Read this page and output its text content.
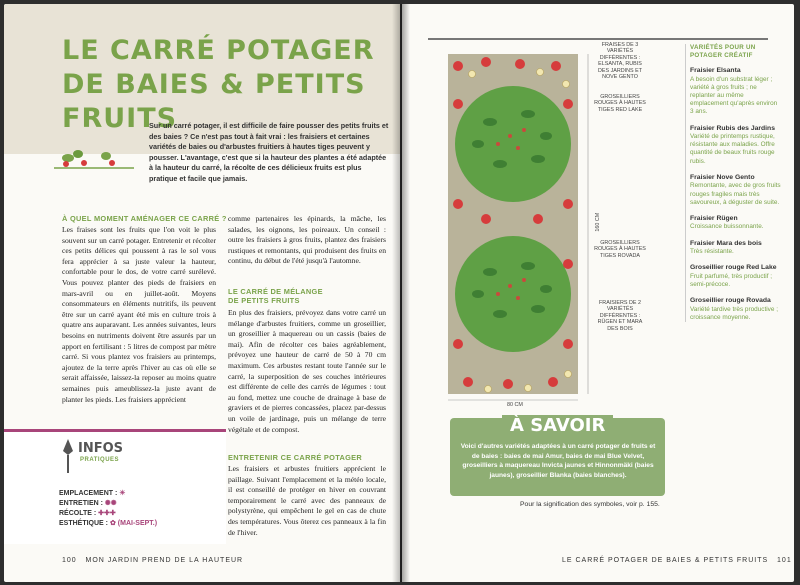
LE CARRÉ POTAGER
DE BAIES & PETITS FRUITS
Sur un carré potager, il est difficile de faire pousser des petits fruits et des baies ? Ce n'est pas tout à fait vrai : les fraisiers et certaines variétés de baies ou d'arbustes fruitiers à hautes tiges peuvent y pousser. L'avantage, c'est que si la hauteur des plantes a été adaptée à la hauteur du carré, la récolte de ces délicieux fruits est plus pratique et facile que jamais.
À QUEL MOMENT AMÉNAGER CE CARRÉ ?
Les fraises sont les fruits que l'on voit le plus souvent sur un carré potager. Entretenir et récolter ces petits délices qui poussent à ras le sol vous fera apprécier à sa juste valeur la hauteur, confortable pour le dos, de votre carré surélevé. Vous pouvez planter des pieds de fraisiers en mars-avril ou en juillet-août. Moyens consommateurs en éléments nutritifs, ils peuvent être sur un carré ayant été mis en culture trois à quatre ans auparavant. Les années suivantes, leurs besoins en nutriments doivent être assurés par un apport en fertilisant : 5 litres de compost par mètre carré. Si vous plantez vos fraisiers au printemps, ajoutez de la terre après l'hiver au cas où elle se serait affaissée, laissez-la reposer au moins quatre semaines puis ameublissez-la juste avant de planter les pieds. Les fraisiers apprécient
comme partenaires les épinards, la mâche, les salades, les oignons, les poireaux. Un conseil : outre les fraisiers à gros fruits, plantez des fraisiers rustiques et remontants, qui produisent des fruits en continu, du début de l'été jusqu'à l'automne.
LE CARRÉ DE MÉLANGE
DE PETITS FRUITS
En plus des fraisiers, prévoyez dans votre carré un mélange d'arbustes fruitiers, comme un groseillier, un groseillier à maquereau ou un cassis (baies de mai). Afin de récolter ces baies agréablement, prévoyez une hauteur de carré de 50 à 70 cm maximum. Ces arbustes restant toute l'année sur le carré, la superposition de ses couches intérieures est différente de celle des carrés de légumes : tout au fond, mettez une couche de drainage à base de graviers et de pierres concassées, placez par-dessus un voile de jardinage, puis un mélange de terre végétale et de compost.
ENTRETENIR CE CARRÉ POTAGER
Les fraisiers et arbustes fruitiers apprécient le paillage. Suivant l'emplacement et la météo locale, il est conseillé de protéger en hiver en couvrant temporairement le carré avec des panneaux de polystyrène, qui empêchent le gel en cas de chute des températures. Vous ôterez ces panneaux à la fin de l'hiver.
INFOS
PRATIQUES
EMPLACEMENT : ☀
ENTRETIEN : ✺✺
RÉCOLTE : ✚✚✚
ESTHÉTIQUE : ✿ (MAI-SEPT.)
100 MON JARDIN PREND DE LA HAUTEUR
FRAISES DE 3 VARIÉTÉS DIFFÉRENTES : ELSANTA, RUBIS DES JARDINS ET NOVE GENTO
GROSEILLIERS ROUGES À HAUTES TIGES RED LAKE
GROSEILLIERS ROUGES À HAUTES TIGES ROVADA
FRAISIERS DE 2 VARIÉTÉS DIFFÉRENTES : RÜGEN ET MARA DES BOIS
160 CM
80 CM
VARIÉTÉS POUR UN POTAGER CRÉATIF
Fraisier Elsanta
A besoin d'un substrat léger ; variété à gros fruits ; ne replanter au même emplacement qu'après environ 3 ans.
Fraisier Rubis des Jardins
Variété de printemps rustique, résistante aux maladies. Offre quantité de beaux fruits rouge rubis.
Fraisier Nove Gento
Remontante, avec de gros fruits rouges fragiles mais très savoureux, à déguster de suite.
Fraisier Rügen
Croissance buissonnante.
Fraisier Mara des bois
Très résistante.
Groseillier rouge Red Lake
Fruit parfumé, très productif ; semi-précoce.
Groseillier rouge Rovada
Variété tardive très productive ; croissance moyenne.
À SAVOIR
Voici d'autres variétés adaptées à un carré potager de fruits et de baies : baies de mai Amur, baies de mai Blue Velvet, groseilliers à maquereau Invicta jaunes et Hinnonmäki (baies jaunes), groseillier Blanka (baies blanches).
Pour la signification des symboles, voir p. 155.
LE CARRÉ POTAGER DE BAIES & PETITS FRUITS 101
